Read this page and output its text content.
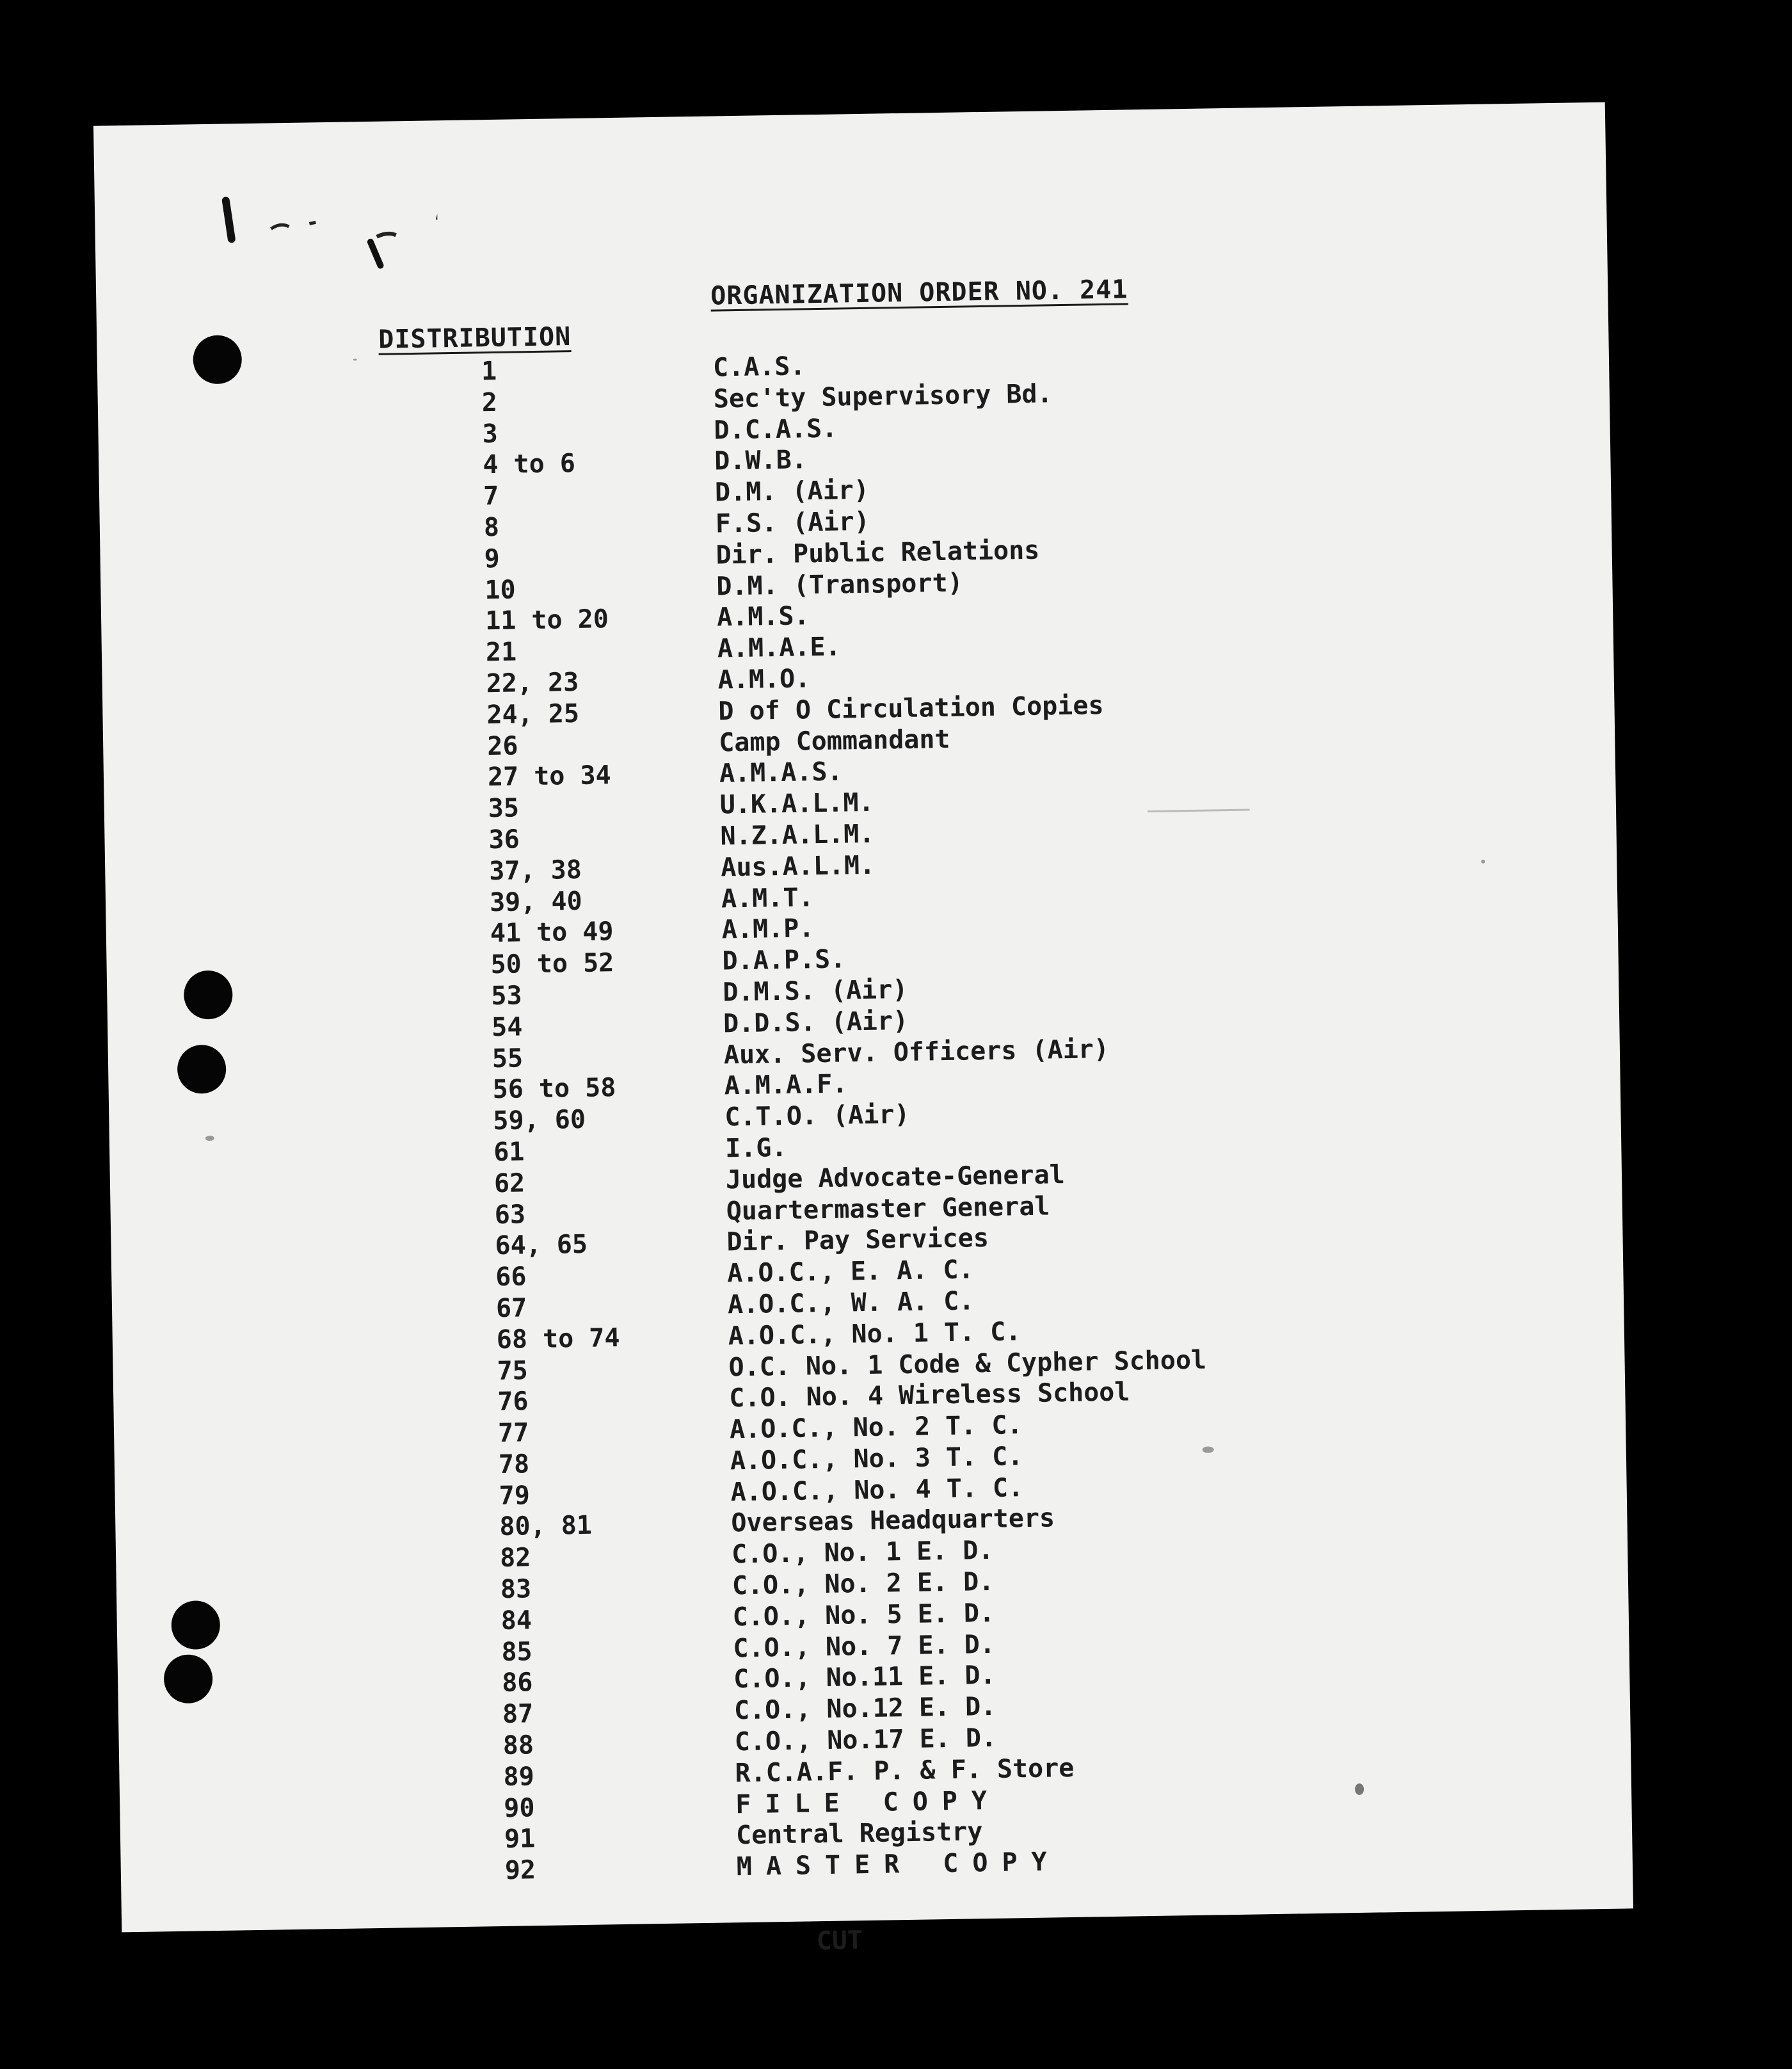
ORGANIZATION ORDER NO. 241
DISTRIBUTION
1	C.A.S.
2	Sec'ty Supervisory Bd.
3	D.C.A.S.
4 to 6	D.W.B.
7	D.M. (Air)
8	F.S. (Air)
9	Dir. Public Relations
10	D.M. (Transport)
11 to 20	A.M.S.
21	A.M.A.E.
22, 23	A.M.O.
24, 25	D of O Circulation Copies
26	Camp Commandant
27 to 34	A.M.A.S.
35	U.K.A.L.M.
36	N.Z.A.L.M.
37, 38	Aus.A.L.M.
39, 40	A.M.T.
41 to 49	A.M.P.
50 to 52	D.A.P.S.
53	D.M.S. (Air)
54	D.D.S. (Air)
55	Aux. Serv. Officers (Air)
56 to 58	A.M.A.F.
59, 60	C.T.O. (Air)
61	I.G.
62	Judge Advocate-General
63	Quartermaster General
64, 65	Dir. Pay Services
66	A.O.C., E. A. C.
67	A.O.C., W. A. C.
68 to 74	A.O.C., No. 1 T. C.
75	O.C. No. 1 Code & Cypher School
76	C.O. No. 4 Wireless School
77	A.O.C., No. 2 T. C.
78	A.O.C., No. 3 T. C.
79	A.O.C., No. 4 T. C.
80, 81	Overseas Headquarters
82	C.O., No. 1 E. D.
83	C.O., No. 2 E. D.
84	C.O., No. 5 E. D.
85	C.O., No. 7 E. D.
86	C.O., No.11 E. D.
87	C.O., No.12 E. D.
88	C.O., No.17 E. D.
89	R.C.A.F. P. & F. Store
90	FILE COPY
91	Central Registry
92	MASTER COPY
CUT
